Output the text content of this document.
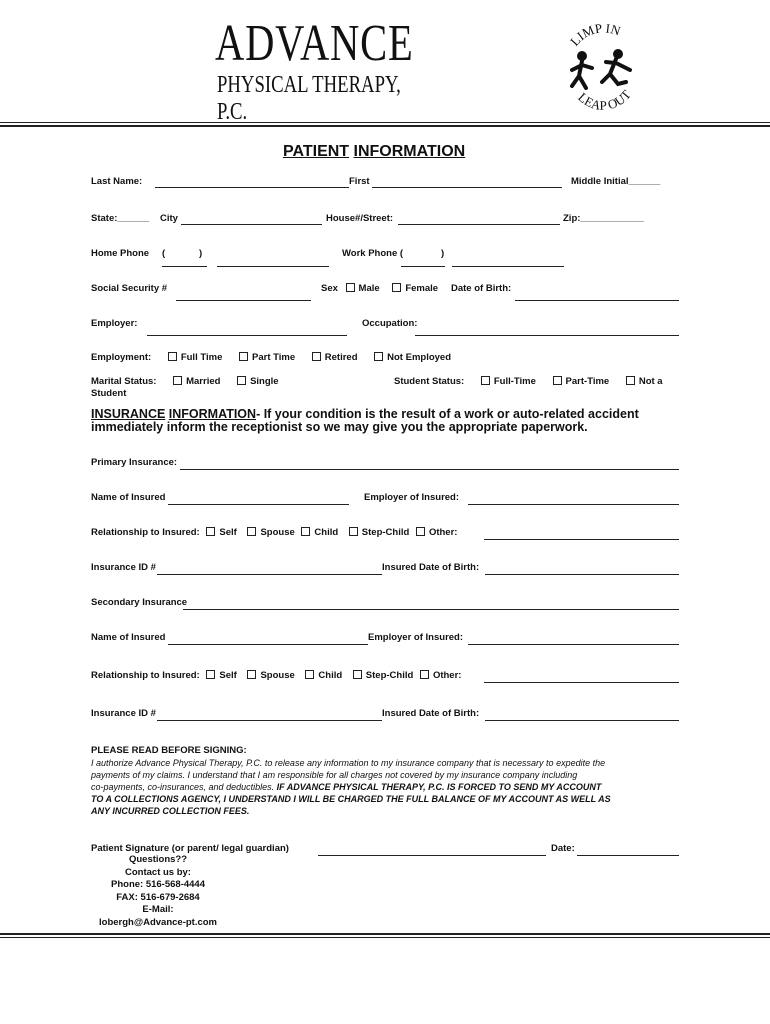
ADVANCE
PHYSICAL THERAPY, P.C.
LIMP IN
LEAP OUT
PATIENT INFORMATION
Last Name:	First	Middle Initial______
State:______ City	House#/Street:	Zip:____________
Home Phone (	)	Work Phone (	)
Social Security #	Sex Male	Female Date of Birth:
Employer:	Occupation:
Employment:	Full Time	Part Time	Retired	Not Employed
Marital Status:	Married	Single	Student Status:	Full-Time	Part-Time	Not a
Student
INSURANCE INFORMATION- If your condition is the result of a work or auto-related accident
immediately inform the receptionist so we may give you the appropriate paperwork.
Primary Insurance:
Name of Insured	Employer of Insured:
Relationship to Insured: Self Spouse Child Step-Child Other:
Insurance ID #	Insured Date of Birth:
Secondary Insurance
Name of Insured	Employer of Insured:
Relationship to Insured: Self Spouse Child Step-Child Other:
Insurance ID #	Insured Date of Birth:
PLEASE READ BEFORE SIGNING:
I authorize Advance Physical Therapy, P.C. to release any information to my insurance company that is necessary to expedite the
payments of my claims. I understand that I am responsible for all charges not covered by my insurance company including
co-payments, co-insurances, and deductibles. IF ADVANCE PHYSICAL THERAPY, P.C. IS FORCED TO SEND MY ACCOUNT
TO A COLLECTIONS AGENCY, I UNDERSTAND I WILL BE CHARGED THE FULL BALANCE OF MY ACCOUNT AS WELL AS
ANY INCURRED COLLECTION FEES.
Patient Signature (or parent/ legal guardian)	Date:
Questions??
Contact us by:
Phone: 516-568-4444
FAX: 516-679-2684
E-Mail:
lobergh@Advance-pt.com
